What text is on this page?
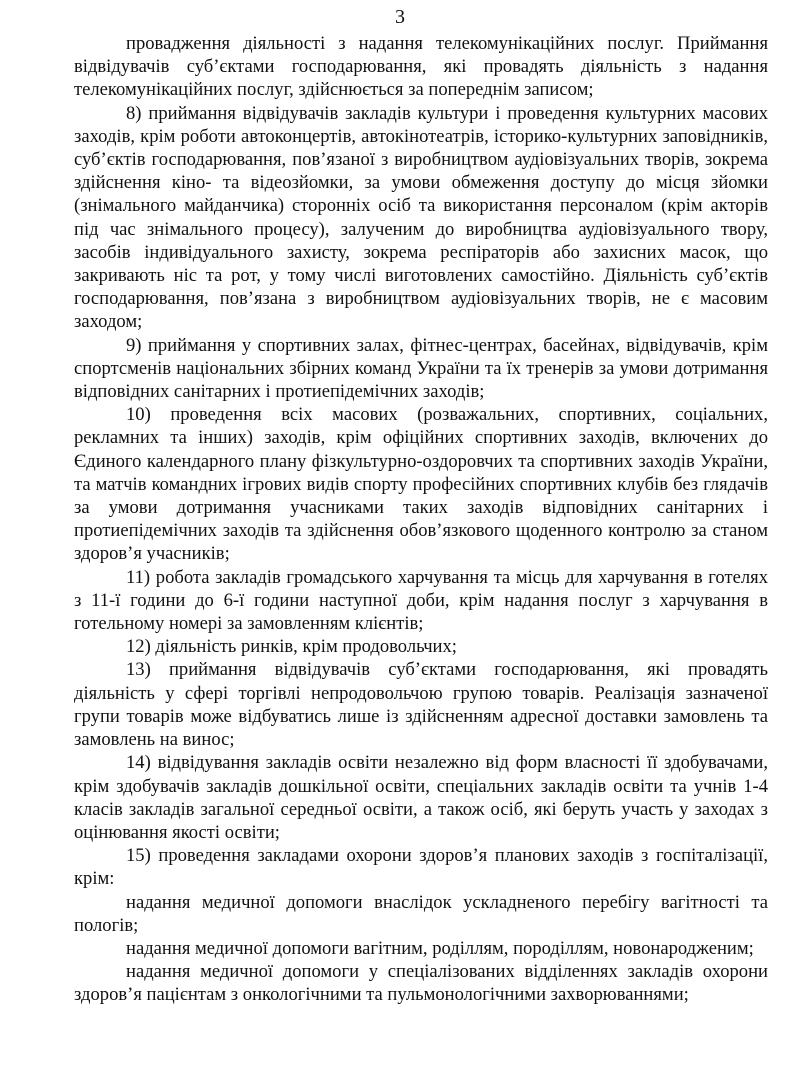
3

провадження діяльності з надання телекомунікаційних послуг. Приймання відвідувачів суб’єктами господарювання, які провадять діяльність з надання телекомунікаційних послуг, здійснюється за попереднім записом;

8) приймання відвідувачів закладів культури і проведення культурних масових заходів, крім роботи автоконцертів, автокінотеатрів, історико-культурних заповідників, суб’єктів господарювання, пов’язаної з виробництвом аудіовізуальних творів, зокрема здійснення кіно- та відеозйомки, за умови обмеження доступу до місця зйомки (знімального майданчика) сторонніх осіб та використання персоналом (крім акторів під час знімального процесу), залученим до виробництва аудіовізуального твору, засобів індивідуального захисту, зокрема респіраторів або захисних масок, що закривають ніс та рот, у тому числі виготовлених самостійно. Діяльність суб’єктів господарювання, пов’язана з виробництвом аудіовізуальних творів, не є масовим заходом;

9) приймання у спортивних залах, фітнес-центрах, басейнах, відвідувачів, крім спортсменів національних збірних команд України та їх тренерів за умови дотримання відповідних санітарних і протиепідемічних заходів;

10) проведення всіх масових (розважальних, спортивних, соціальних, рекламних та інших) заходів, крім офіційних спортивних заходів, включених до Єдиного календарного плану фізкультурно-оздоровчих та спортивних заходів України, та матчів командних ігрових видів спорту професійних спортивних клубів без глядачів за умови дотримання учасниками таких заходів відповідних санітарних і протиепідемічних заходів та здійснення обов’язкового щоденного контролю за станом здоров’я учасників;

11) робота закладів громадського харчування та місць для харчування в готелях з 11-ї години до 6-ї години наступної доби, крім надання послуг з харчування в готельному номері за замовленням клієнтів;

12) діяльність ринків, крім продовольчих;

13) приймання відвідувачів суб’єктами господарювання, які провадять діяльність у сфері торгівлі непродовольчою групою товарів. Реалізація зазначеної групи товарів може відбуватись лише із здійсненням адресної доставки замовлень та замовлень на винос;

14) відвідування закладів освіти незалежно від форм власності її здобувачами, крім здобувачів закладів дошкільної освіти, спеціальних закладів освіти та учнів 1-4 класів закладів загальної середньої освіти, а також осіб, які беруть участь у заходах з оцінювання якості освіти;

15) проведення закладами охорони здоров’я планових заходів з госпіталізації, крім:

надання медичної допомоги внаслідок ускладненого перебігу вагітності та пологів;

надання медичної допомоги вагітним, роділлям, породіллям, новонародженим;

надання медичної допомоги у спеціалізованих відділеннях закладів охорони здоров’я пацієнтам з онкологічними та пульмонологічними захворюваннями;
